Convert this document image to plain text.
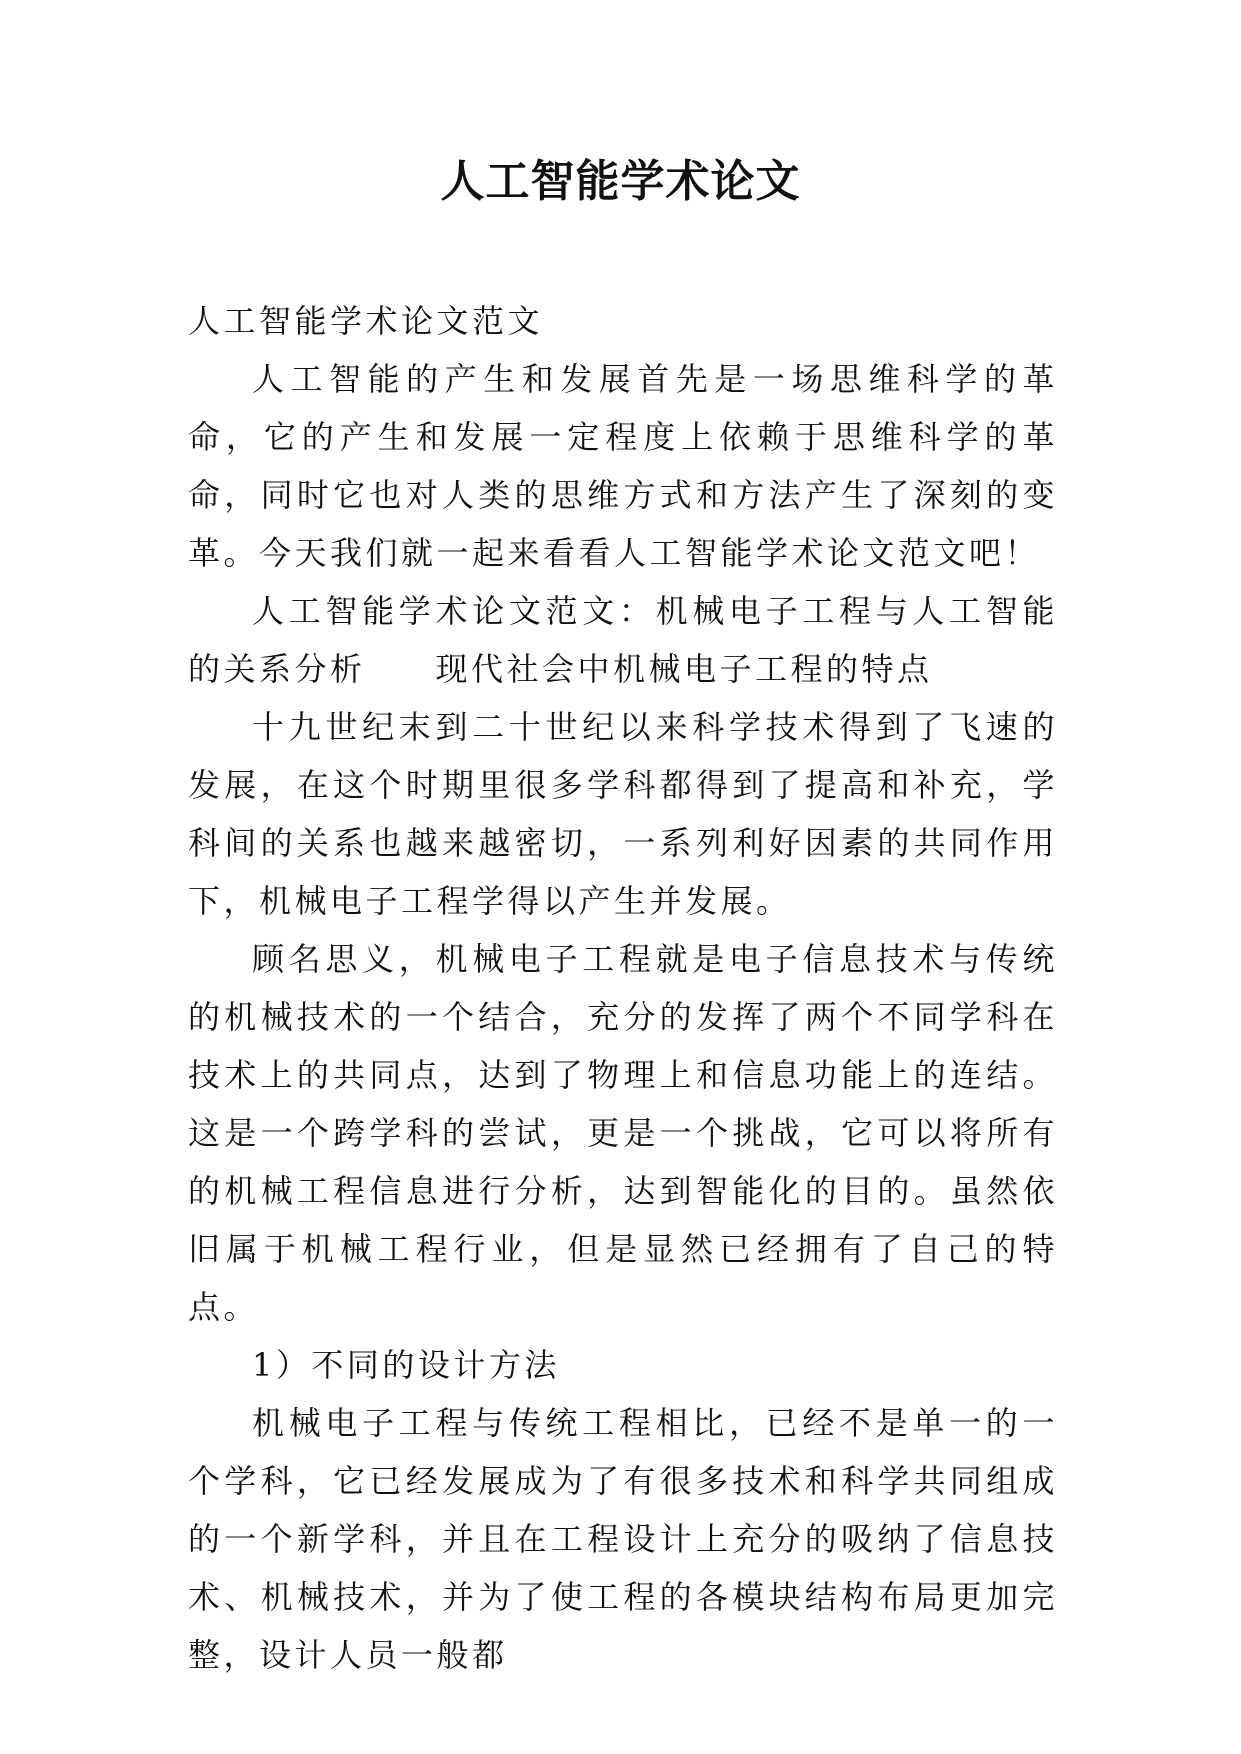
人工智能学术论文

人工智能学术论文范文

人工智能的产生和发展首先是一场思维科学的革命，它的产生和发展一定程度上依赖于思维科学的革命，同时它也对人类的思维方式和方法产生了深刻的变革。今天我们就一起来看看人工智能学术论文范文吧！

人工智能学术论文范文：机械电子工程与人工智能的关系分析 现代社会中机械电子工程的特点

十九世纪末到二十世纪以来科学技术得到了飞速的发展，在这个时期里很多学科都得到了提高和补充，学科间的关系也越来越密切，一系列利好因素的共同作用下，机械电子工程学得以产生并发展。

顾名思义，机械电子工程就是电子信息技术与传统的机械技术的一个结合，充分的发挥了两个不同学科在技术上的共同点，达到了物理上和信息功能上的连结。这是一个跨学科的尝试，更是一个挑战，它可以将所有的机械工程信息进行分析，达到智能化的目的。虽然依旧属于机械工程行业，但是显然已经拥有了自己的特点。

1）不同的设计方法

机械电子工程与传统工程相比，已经不是单一的一个学科，它已经发展成为了有很多技术和科学共同组成的一个新学科，并且在工程设计上充分的吸纳了信息技术、机械技术，并为了使工程的各模块结构布局更加完整，设计人员一般都
